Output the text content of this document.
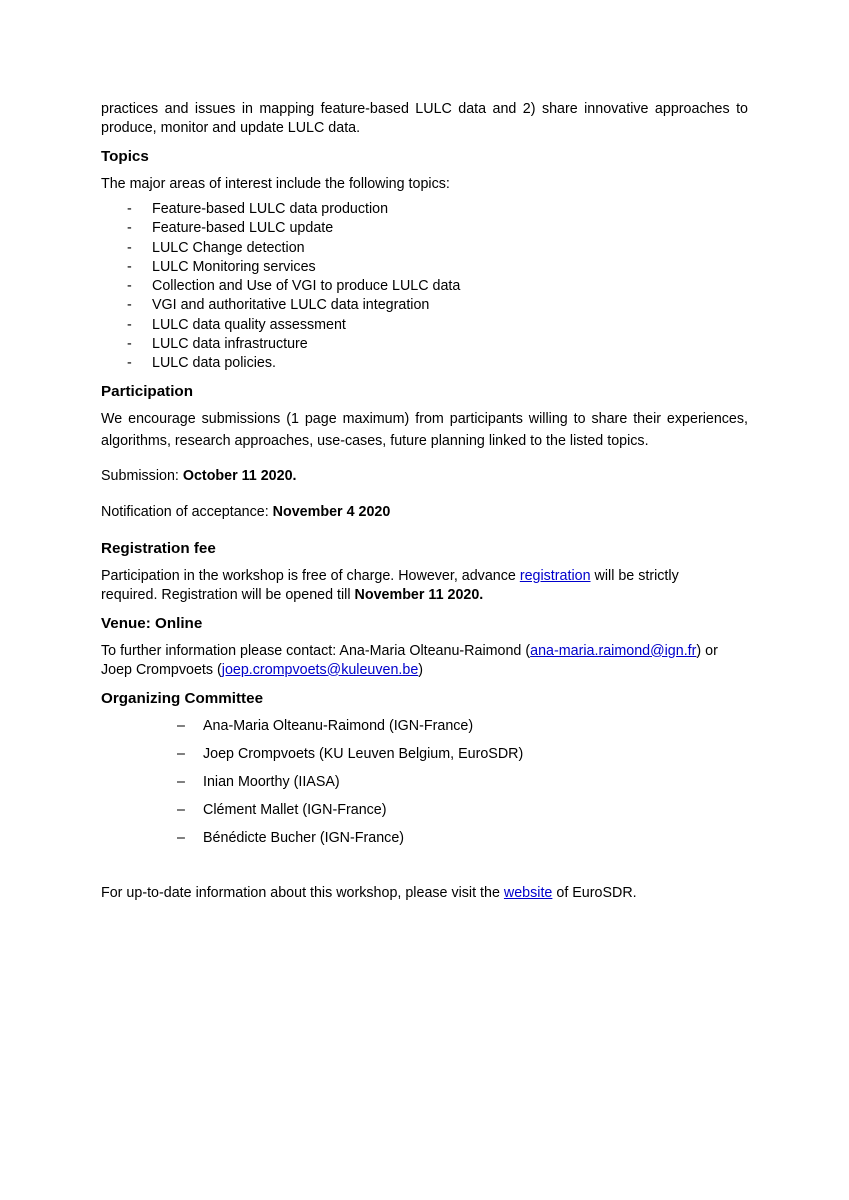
practices and issues in mapping feature-based LULC data and 2) share innovative approaches to

produce, monitor and update LULC data.

Topics

The major areas of interest include the following topics:

- Feature-based LULC data production
- Feature-based LULC update
- LULC Change detection
- LULC Monitoring services
- Collection and Use of VGI to produce LULC data
- VGI and authoritative LULC data integration
- LULC data quality assessment
- LULC data infrastructure
- LULC data policies.
Participation

We encourage submissions (1 page maximum) from participants willing to share their experiences,

algorithms, research approaches, use-cases, future planning linked to the listed topics.

Submission: October 11 2020.

Notification of acceptance: November 4 2020

Registration fee

Participation in the workshop is free of charge. However, advance registration will be strictly

required. Registration will be opened till November 11 2020.

Venue: Online

To further information please contact: Ana-Maria Olteanu-Raimond (ana-maria.raimond@ign.fr) or

Joep Crompvoets (joep.crompvoets@kuleuven.be)

Organizing Committee
– Ana-Maria Olteanu-Raimond (IGN-France)
– Joep Crompvoets (KU Leuven Belgium, EuroSDR)
– Inian Moorthy (IIASA)
– Clément Mallet (IGN-France)
– Bénédicte Bucher (IGN-France)

For up-to-date information about this workshop, please visit the website of EuroSDR.
